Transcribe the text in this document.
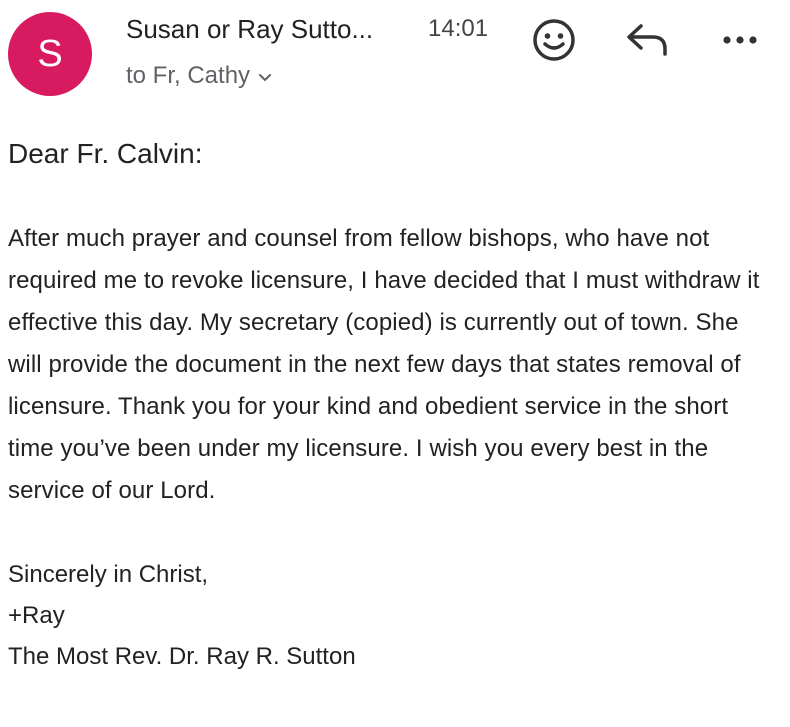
S
Susan or Ray Sutto... 14:01
to Fr, Cathy

Dear Fr. Calvin:

After much prayer and counsel from fellow bishops, who have not required me to revoke licensure, I have decided that I must withdraw it effective this day. My secretary (copied) is currently out of town. She will provide the document in the next few days that states removal of licensure. Thank you for your kind and obedient service in the short time you’ve been under my licensure. I wish you every best in the service of our Lord.

Sincerely in Christ,
+Ray
The Most Rev. Dr. Ray R. Sutton
